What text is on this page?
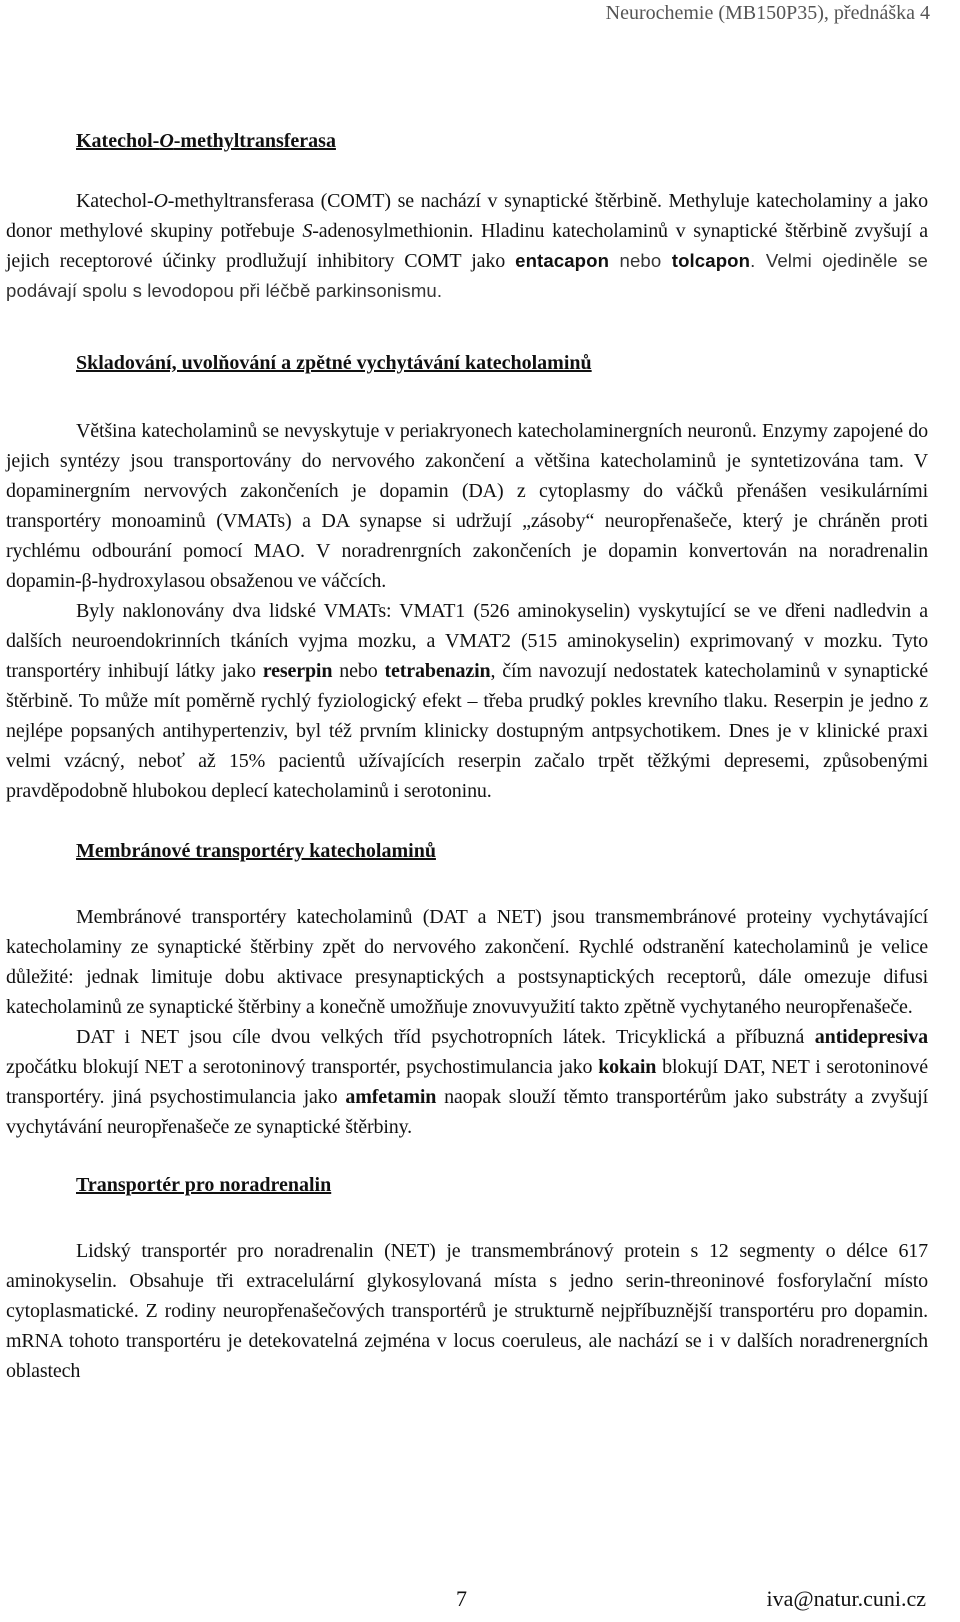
Neurochemie (MB150P35), přednáška 4
Katechol-O-methyltransferasa

Katechol-O-methyltransferasa (COMT) se nachází v synaptické štěrbině. Methyluje katecholaminy a jako donor methylové skupiny potřebuje S-adenosylmethionin. Hladinu katecholaminů v synaptické štěrbině zvyšují a jejich receptorové účinky prodlužují inhibitory COMT jako entacapon nebo tolcapon. Velmi ojediněle se podávají spolu s levodopou při léčbě parkinsonismu.

Skladování, uvolňování a zpětné vychytávání katecholaminů

Většina katecholaminů se nevyskytuje v periakryonech katecholaminergních neuronů. Enzymy zapojené do jejich syntézy jsou transportovány do nervového zakončení a většina katecholaminů je syntetizována tam. V dopaminergním nervových zakončeních je dopamin (DA) z cytoplasmy do váčků přenášen vesikulárními transportéry monoaminů (VMATs) a DA synapse si udržují „zásoby“ neuropřenašeče, který je chráněn proti rychlému odbourání pomocí MAO. V noradrenrgních zakončeních je dopamin konvertován na noradrenalin dopamin-β-hydroxylasou obsaženou ve váčcích.

Byly naklonovány dva lidské VMATs: VMAT1 (526 aminokyselin) vyskytující se ve dřeni nadledvin a dalších neuroendokrinních tkáních vyjma mozku, a VMAT2 (515 aminokyselin) exprimovaný v mozku. Tyto transportéry inhibují látky jako reserpin nebo tetrabenazin, čím navozují nedostatek katecholaminů v synaptické štěrbině. To může mít poměrně rychlý fyziologický efekt – třeba prudký pokles krevního tlaku. Reserpin je jedno z nejlépe popsaných antihypertenziv, byl též prvním klinicky dostupným antpsychotikem. Dnes je v klinické praxi velmi vzácný, neboť až 15% pacientů užívajících reserpin začalo trpět těžkými depresemi, způsobenými pravděpodobně hlubokou deplecí katecholaminů i serotoninu.

Membránové transportéry katecholaminů

Membránové transportéry katecholaminů (DAT a NET) jsou transmembránové proteiny vychytávající katecholaminy ze synaptické štěrbiny zpět do nervového zakončení. Rychlé odstranění katecholaminů je velice důležité: jednak limituje dobu aktivace presynaptických a postsynaptických receptorů, dále omezuje difusi katecholaminů ze synaptické štěrbiny a konečně umožňuje znovuvyužití takto zpětně vychytaného neuropřenašeče.

DAT i NET jsou cíle dvou velkých tříd psychotropních látek. Tricyklická a příbuzná antidepresiva zpočátku blokují NET a serotoninový transportér, psychostimulancia jako kokain blokují DAT, NET i serotoninové transportéry. jiná psychostimulancia jako amfetamin naopak slouží těmto transportérům jako substráty a zvyšují vychytávání neuropřenašeče ze synaptické štěrbiny.

Transportér pro noradrenalin

Lidský transportér pro noradrenalin (NET) je transmembránový protein s 12 segmenty o délce 617 aminokyselin. Obsahuje tři extracelulární glykosylovaná místa s jedno serin-threoninové fosforylační místo cytoplasmatické. Z rodiny neuropřenašečových transportérů je strukturně nejpříbuznější transportéru pro dopamin. mRNA tohoto transportéru je detekovatelná zejména v locus coeruleus, ale nachází se i v dalších noradrenergních oblastech

7	iva@natur.cuni.cz
